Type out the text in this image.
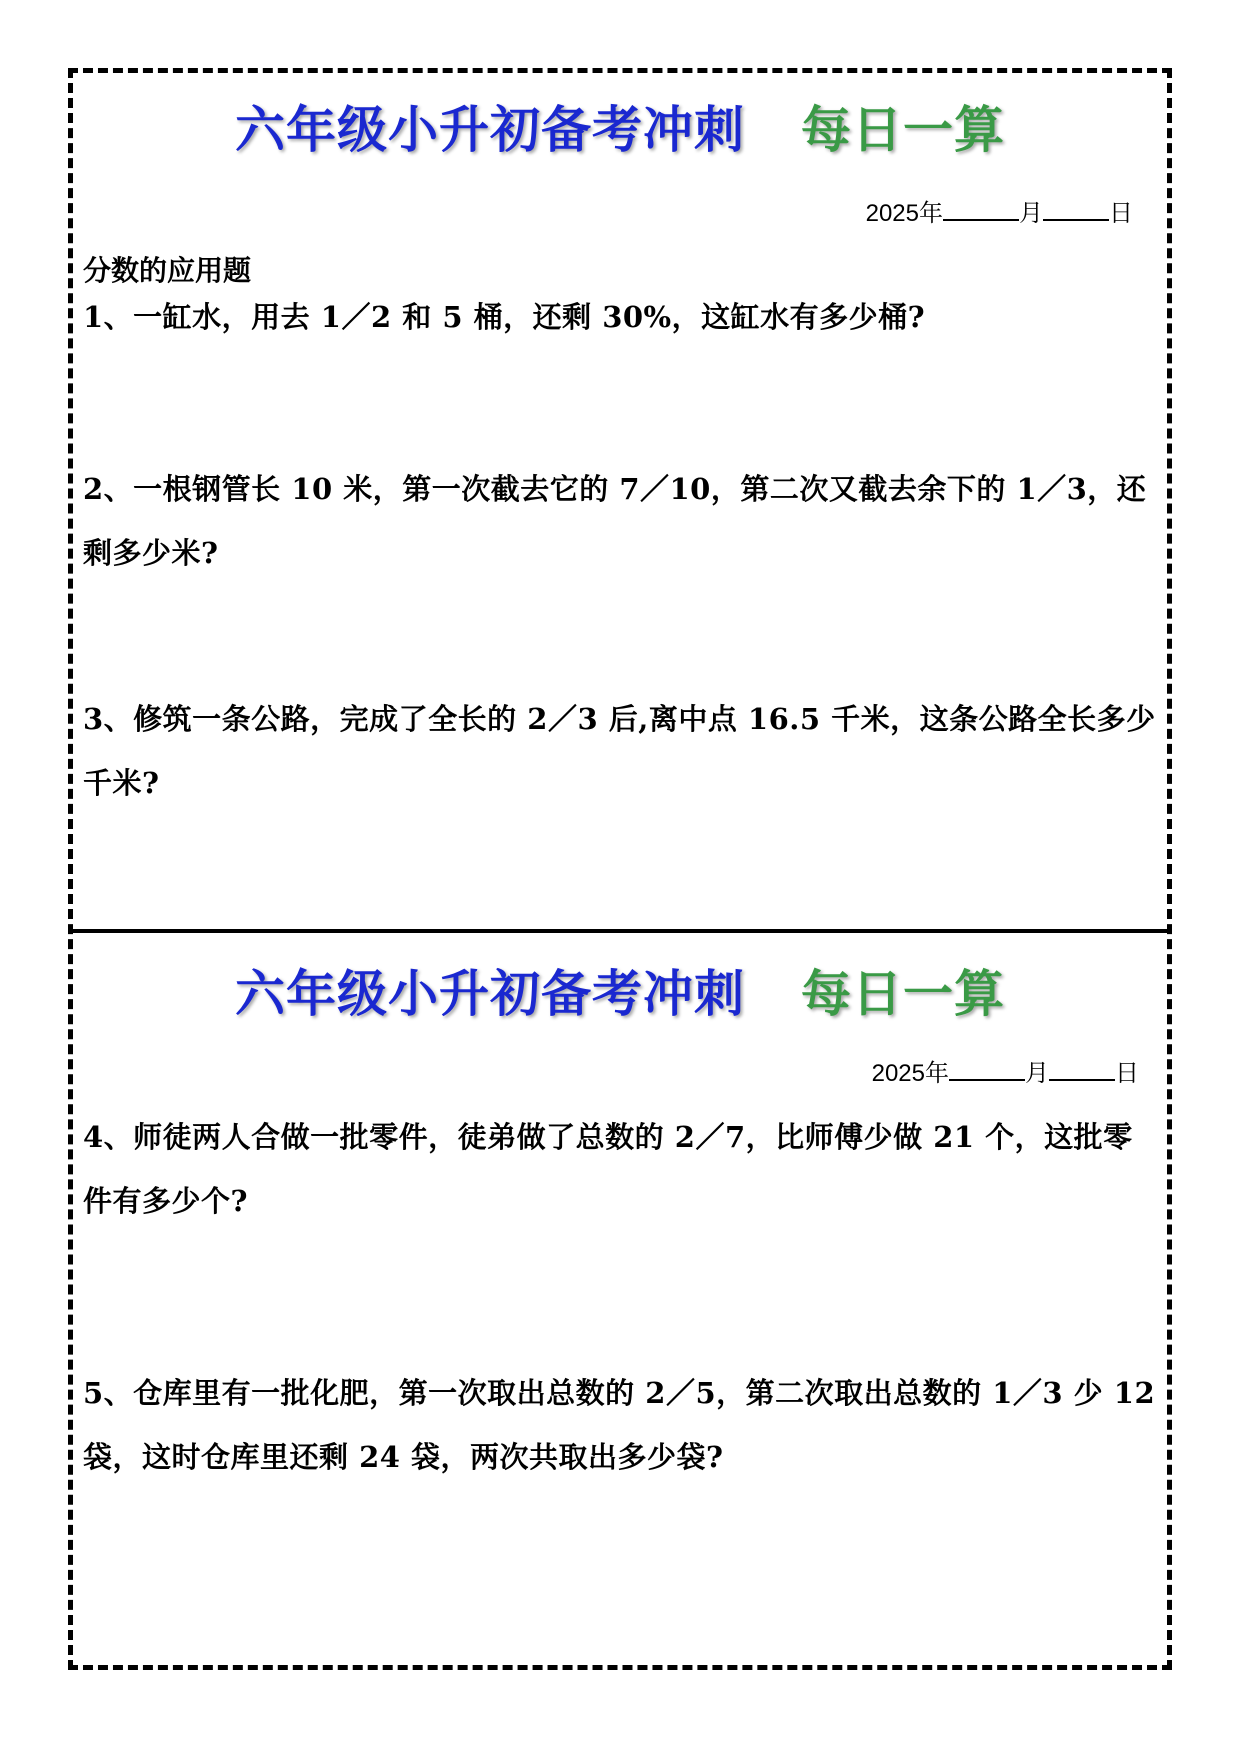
六年级小升初备考冲刺 每日一算
2025年	月	日
分数的应用题
1、一缸水，用去 1／2 和 5 桶，还剩 30%，这缸水有多少桶?
2、一根钢管长 10 米，第一次截去它的 7／10，第二次又截去余下的 1／3，还剩多少米?
3、修筑一条公路，完成了全长的 2／3 后,离中点 16.5 千米，这条公路全长多少千米?
六年级小升初备考冲刺 每日一算
2025年	月	日
4、师徒两人合做一批零件，徒弟做了总数的 2／7，比师傅少做 21 个，这批零件有多少个?
5、仓库里有一批化肥，第一次取出总数的 2／5，第二次取出总数的 1／3 少 12 袋，这时仓库里还剩 24 袋，两次共取出多少袋?
